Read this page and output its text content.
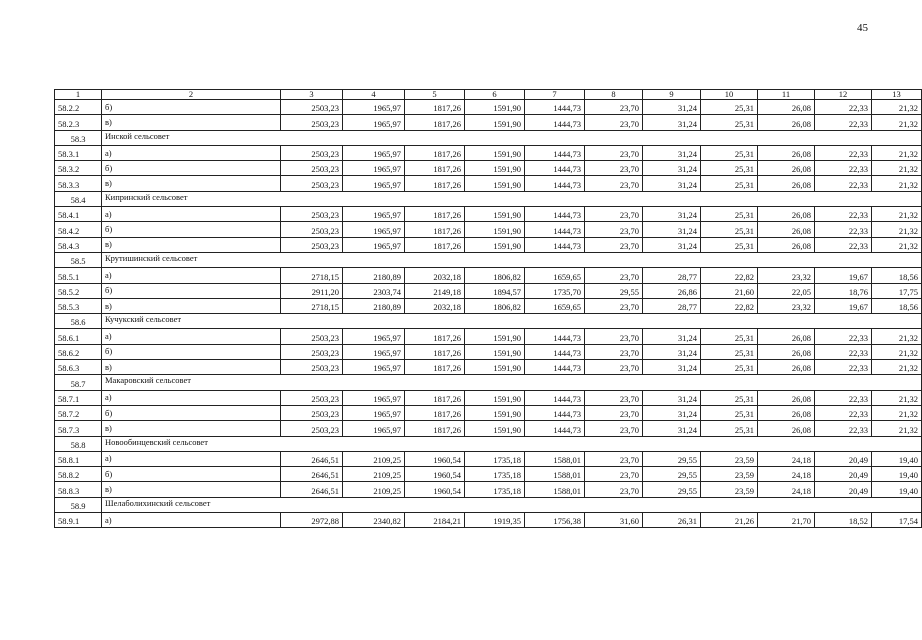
45
1	2	3	4	5	6	7	8	9	10	11	12	13
58.2.2	б)	2503,23	1965,97	1817,26	1591,90	1444,73	23,70	31,24	25,31	26,08	22,33	21,32
58.2.3	в)	2503,23	1965,97	1817,26	1591,90	1444,73	23,70	31,24	25,31	26,08	22,33	21,32
58.3	Инской сельсовет											
58.3.1	а)	2503,23	1965,97	1817,26	1591,90	1444,73	23,70	31,24	25,31	26,08	22,33	21,32
58.3.2	б)	2503,23	1965,97	1817,26	1591,90	1444,73	23,70	31,24	25,31	26,08	22,33	21,32
58.3.3	в)	2503,23	1965,97	1817,26	1591,90	1444,73	23,70	31,24	25,31	26,08	22,33	21,32
58.4	Кипринский сельсовет											
58.4.1	а)	2503,23	1965,97	1817,26	1591,90	1444,73	23,70	31,24	25,31	26,08	22,33	21,32
58.4.2	б)	2503,23	1965,97	1817,26	1591,90	1444,73	23,70	31,24	25,31	26,08	22,33	21,32
58.4.3	в)	2503,23	1965,97	1817,26	1591,90	1444,73	23,70	31,24	25,31	26,08	22,33	21,32
58.5	Крутишинский сельсовет											
58.5.1	а)	2718,15	2180,89	2032,18	1806,82	1659,65	23,70	28,77	22,82	23,32	19,67	18,56
58.5.2	б)	2911,20	2303,74	2149,18	1894,57	1735,70	29,55	26,86	21,60	22,05	18,76	17,75
58.5.3	в)	2718,15	2180,89	2032,18	1806,82	1659,65	23,70	28,77	22,82	23,32	19,67	18,56
58.6	Кучукский сельсовет											
58.6.1	а)	2503,23	1965,97	1817,26	1591,90	1444,73	23,70	31,24	25,31	26,08	22,33	21,32
58.6.2	б)	2503,23	1965,97	1817,26	1591,90	1444,73	23,70	31,24	25,31	26,08	22,33	21,32
58.6.3	в)	2503,23	1965,97	1817,26	1591,90	1444,73	23,70	31,24	25,31	26,08	22,33	21,32
58.7	Макаровский сельсовет											
58.7.1	а)	2503,23	1965,97	1817,26	1591,90	1444,73	23,70	31,24	25,31	26,08	22,33	21,32
58.7.2	б)	2503,23	1965,97	1817,26	1591,90	1444,73	23,70	31,24	25,31	26,08	22,33	21,32
58.7.3	в)	2503,23	1965,97	1817,26	1591,90	1444,73	23,70	31,24	25,31	26,08	22,33	21,32
58.8	Новообинцевский сельсовет											
58.8.1	а)	2646,51	2109,25	1960,54	1735,18	1588,01	23,70	29,55	23,59	24,18	20,49	19,40
58.8.2	б)	2646,51	2109,25	1960,54	1735,18	1588,01	23,70	29,55	23,59	24,18	20,49	19,40
58.8.3	в)	2646,51	2109,25	1960,54	1735,18	1588,01	23,70	29,55	23,59	24,18	20,49	19,40
58.9	Шелаболихинский сельсовет											
58.9.1	а)	2972,88	2340,82	2184,21	1919,35	1756,38	31,60	26,31	21,26	21,70	18,52	17,54
